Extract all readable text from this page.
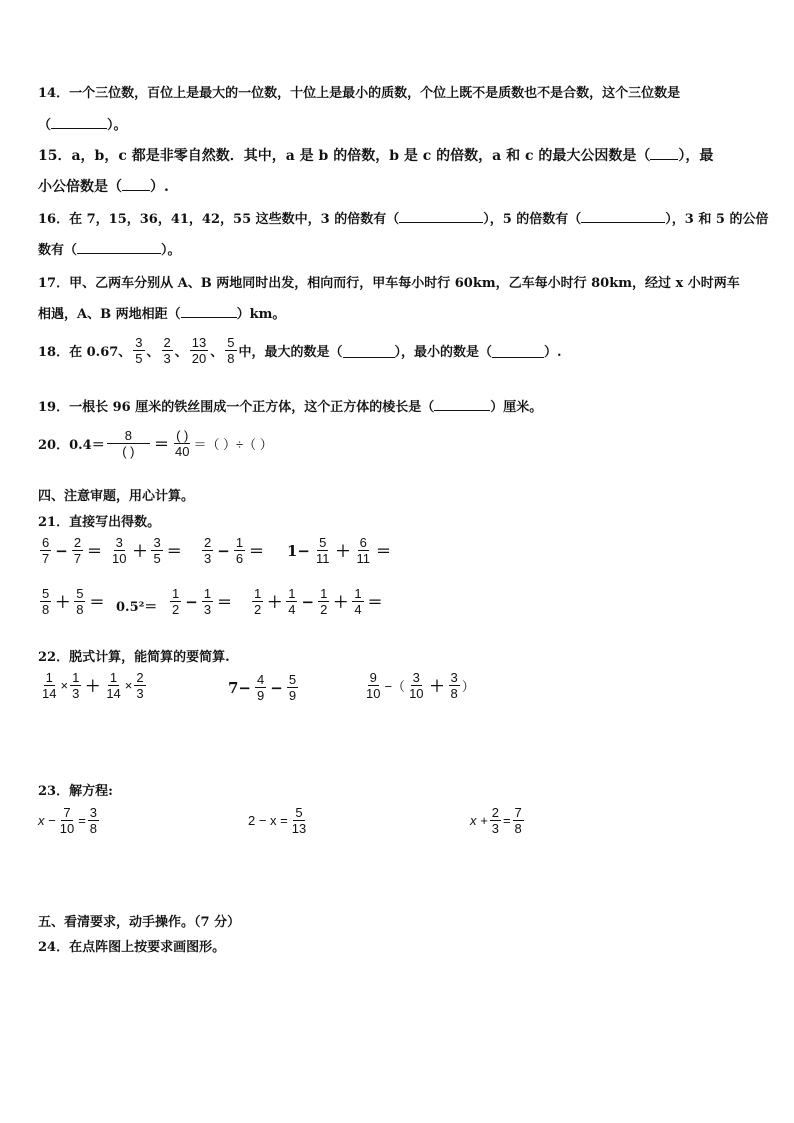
14．一个三位数，百位上是最大的一位数，十位上是最小的质数，个位上既不是质数也不是合数，这个三位数是
（	）。
15．a，b，c 都是非零自然数．其中，a 是 b 的倍数，b 是 c 的倍数，a 和 c 的最大公因数是（ ），最
小公倍数是（ ）.
16．在 7，15，36，41，42，55 这些数中，3 的倍数有（	），5 的倍数有（	），3 和 5 的公倍
数有（	）。
17．甲、乙两车分别从 A、B 两地同时出发，相向而行，甲车每小时行 60km，乙车每小时行 80km，经过 x 小时两车
相遇，A、B 两地相距（	）km。
18．在 0.67、 $\frac{3}{5}$ 、 $\frac{2}{3}$ 、 $\frac{13}{20}$ 、 $\frac{5}{8}$ 中，最大的数是（	），最小的数是（	）.
19．一根长 96 厘米的铁丝围成一个正方体，这个正方体的棱长是（	）厘米。
20．$0.4= \frac{8}{( )} = \frac{( )}{40}$ ＝（ ）÷（ ）
四、注意审题，用心计算。
21．直接写出得数。
$\frac{6}{7} - \frac{2}{7} = \frac{3}{10} + \frac{3}{5} = \frac{2}{3} - \frac{1}{6} = 1- \frac{5}{11} + \frac{6}{11}$ ＝
$\frac{5}{8} + \frac{5}{8} = 0.5^2= \frac{1}{2} - \frac{1}{3} = \frac{1}{2} + \frac{1}{4} - \frac{1}{2} + \frac{1}{4}$ ＝
22．脱式计算，能简算的要简算.
$\frac{1}{14} \times \frac{1}{3} + \frac{1}{14} \times \frac{2}{3}$	$7- \frac{4}{9} - \frac{5}{9}$	$\frac{9}{10}$ −（ $\frac{3}{10} + \frac{3}{8}$ ）
23．解方程:
$x - \frac{7}{10} = \frac{3}{8}$	$2 - x = \frac{5}{13}$	$x + \frac{2}{3} = \frac{7}{8}$
五、看清要求，动手操作。（7 分）
24．在点阵图上按要求画图形。
